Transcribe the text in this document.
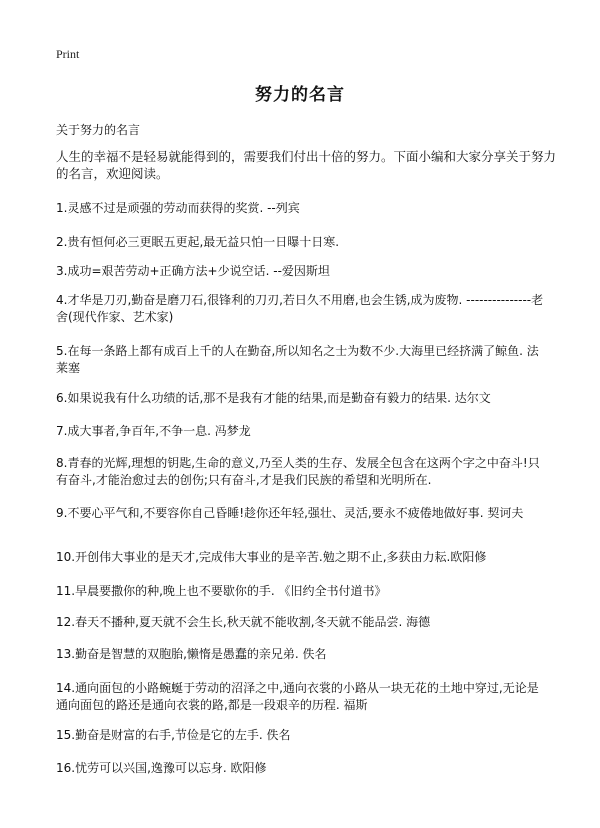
Print
努力的名言

关于努力的名言

人生的幸福不是轻易就能得到的，需要我们付出十倍的努力。下面小编和大家分享关于努力的名言，欢迎阅读。

1.灵感不过是顽强的劳动而获得的奖赏. --列宾

2.贵有恒何必三更眠五更起,最无益只怕一日曝十日寒.

3.成功=艰苦劳动+正确方法+少说空话. --爱因斯坦

4.才华是刀刃,勤奋是磨刀石,很锋利的刀刃,若日久不用磨,也会生锈,成为废物. ---------------老舍(现代作家、艺术家)

5.在每一条路上都有成百上千的人在勤奋,所以知名之士为数不少.大海里已经挤满了鲸鱼. 法莱塞

6.如果说我有什么功绩的话,那不是我有才能的结果,而是勤奋有毅力的结果. 达尔文

7.成大事者,争百年,不争一息. 冯梦龙

8.青春的光辉,理想的钥匙,生命的意义,乃至人类的生存、发展全包含在这两个字之中奋斗!只有奋斗,才能治愈过去的创伤;只有奋斗,才是我们民族的希望和光明所在.

9.不要心平气和,不要容你自己昏睡!趁你还年轻,强壮、灵活,要永不疲倦地做好事. 契诃夫

10.开创伟大事业的是天才,完成伟大事业的是辛苦.勉之期不止,多获由力耘.欧阳修

11.早晨要撒你的种,晚上也不要歇你的手. 《旧约全书付道书》

12.春天不播种,夏天就不会生长,秋天就不能收割,冬天就不能品尝. 海德

13.勤奋是智慧的双胞胎,懒惰是愚蠢的亲兄弟. 佚名

14.通向面包的小路蜿蜒于劳动的沼泽之中,通向衣裳的小路从一块无花的土地中穿过,无论是通向面包的路还是通向衣裳的路,都是一段艰辛的历程. 福斯

15.勤奋是财富的右手,节俭是它的左手. 佚名

16.忧劳可以兴国,逸豫可以忘身. 欧阳修
